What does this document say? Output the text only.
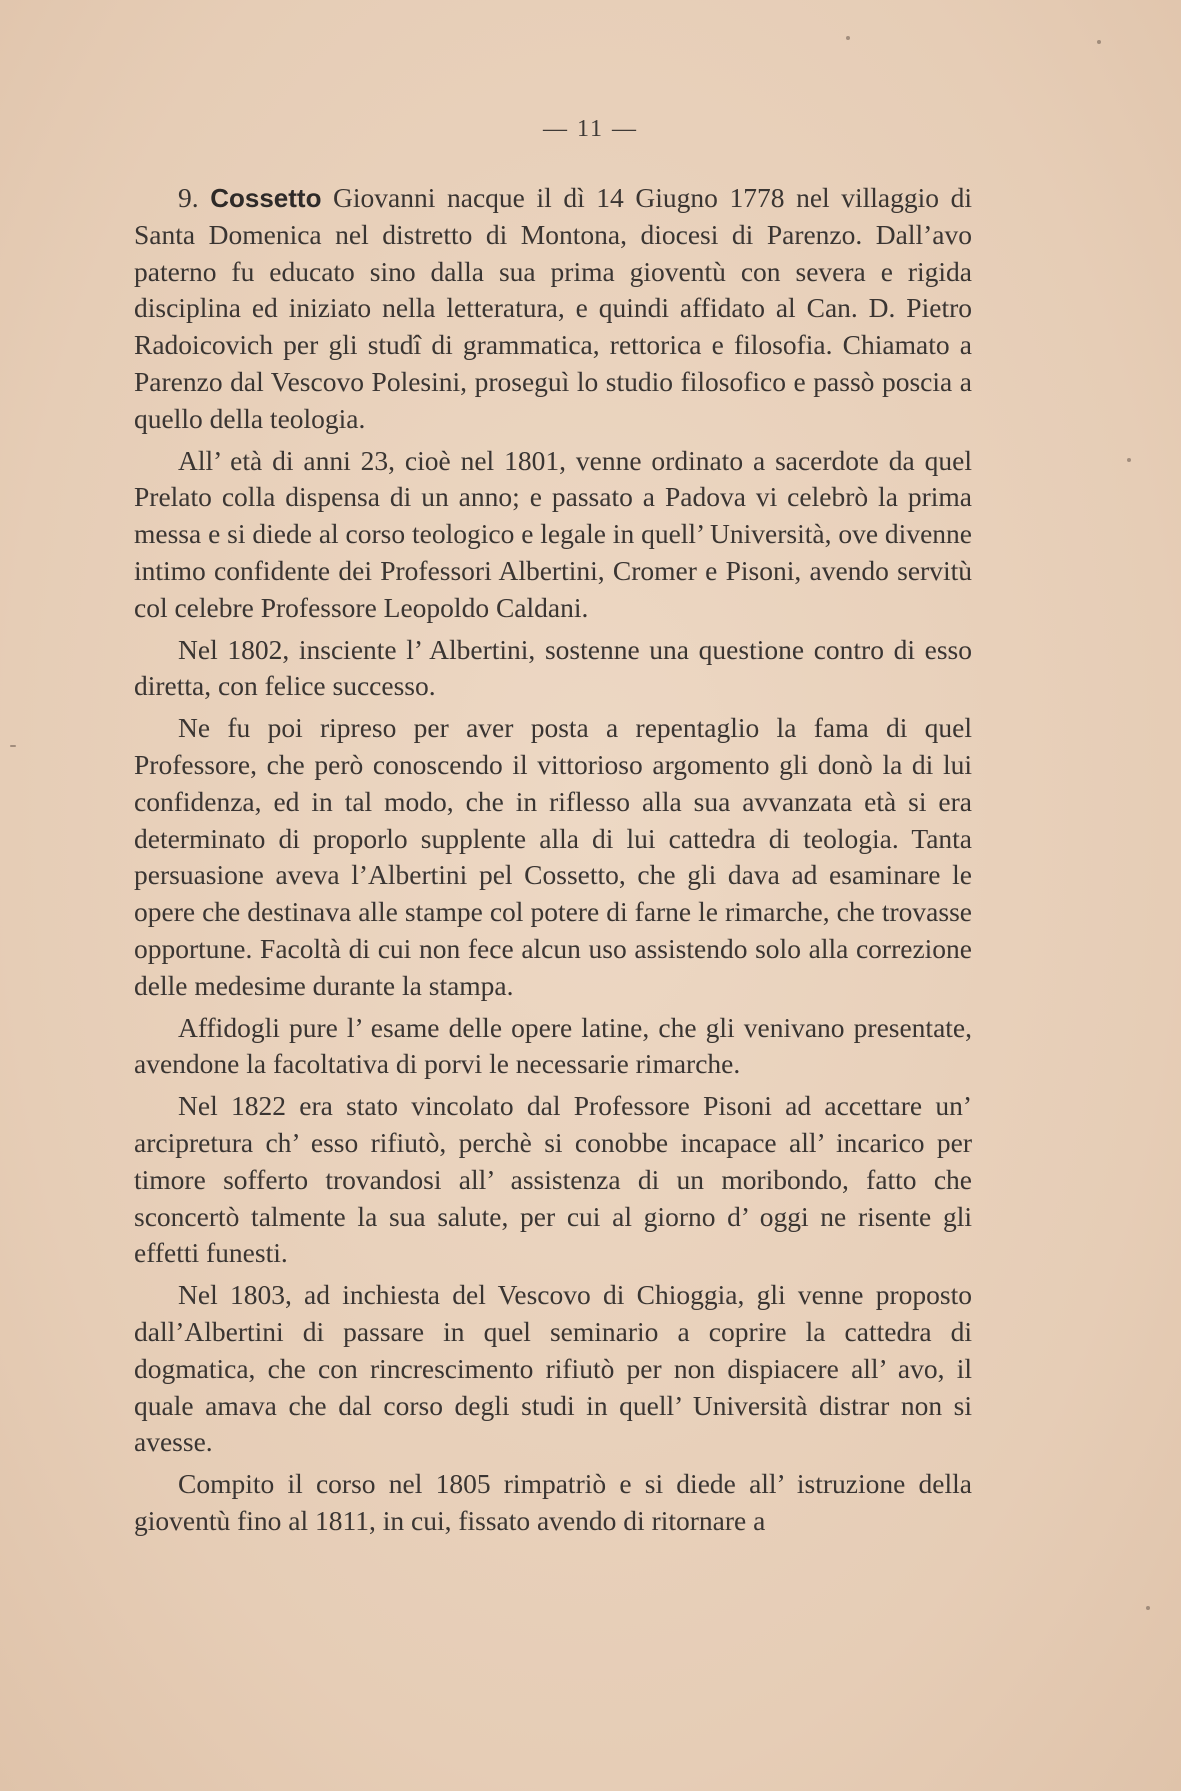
— 11 —

9. Cossetto Giovanni nacque il dì 14 Giugno 1778 nel villaggio di Santa Domenica nel distretto di Montona, diocesi di Parenzo. Dall’avo paterno fu educato sino dalla sua prima gioventù con severa e rigida disciplina ed iniziato nella letteratura, e quindi affidato al Can. D. Pietro Radoicovich per gli studî di grammatica, rettorica e filosofia. Chiamato a Parenzo dal Vescovo Polesini, proseguì lo studio filosofico e passò poscia a quello della teologia.

All’ età di anni 23, cioè nel 1801, venne ordinato a sacerdote da quel Prelato colla dispensa di un anno; e passato a Padova vi celebrò la prima messa e si diede al corso teologico e legale in quell’ Università, ove divenne intimo confidente dei Professori Albertini, Cromer e Pisoni, avendo servitù col celebre Professore Leopoldo Caldani.

Nel 1802, insciente l’ Albertini, sostenne una questione contro di esso diretta, con felice successo.

Ne fu poi ripreso per aver posta a repentaglio la fama di quel Professore, che però conoscendo il vittorioso argomento gli donò la di lui confidenza, ed in tal modo, che in riflesso alla sua avvanzata età si era determinato di proporlo supplente alla di lui cattedra di teologia. Tanta persuasione aveva l’Albertini pel Cossetto, che gli dava ad esaminare le opere che destinava alle stampe col potere di farne le rimarche, che trovasse opportune. Facoltà di cui non fece alcun uso assistendo solo alla correzione delle medesime durante la stampa.

Affidogli pure l’ esame delle opere latine, che gli venivano presentate, avendone la facoltativa di porvi le necessarie rimarche.

Nel 1822 era stato vincolato dal Professore Pisoni ad accettare un’ arcipretura ch’ esso rifiutò, perchè si conobbe incapace all’ incarico per timore sofferto trovandosi all’ assistenza di un moribondo, fatto che sconcertò talmente la sua salute, per cui al giorno d’ oggi ne risente gli effetti funesti.

Nel 1803, ad inchiesta del Vescovo di Chioggia, gli venne proposto dall’Albertini di passare in quel seminario a coprire la cattedra di dogmatica, che con rincrescimento rifiutò per non dispiacere all’ avo, il quale amava che dal corso degli studi in quell’ Università distrar non si avesse.

Compito il corso nel 1805 rimpatriò e si diede all’ istruzione della gioventù fino al 1811, in cui, fissato avendo di ritornare a
